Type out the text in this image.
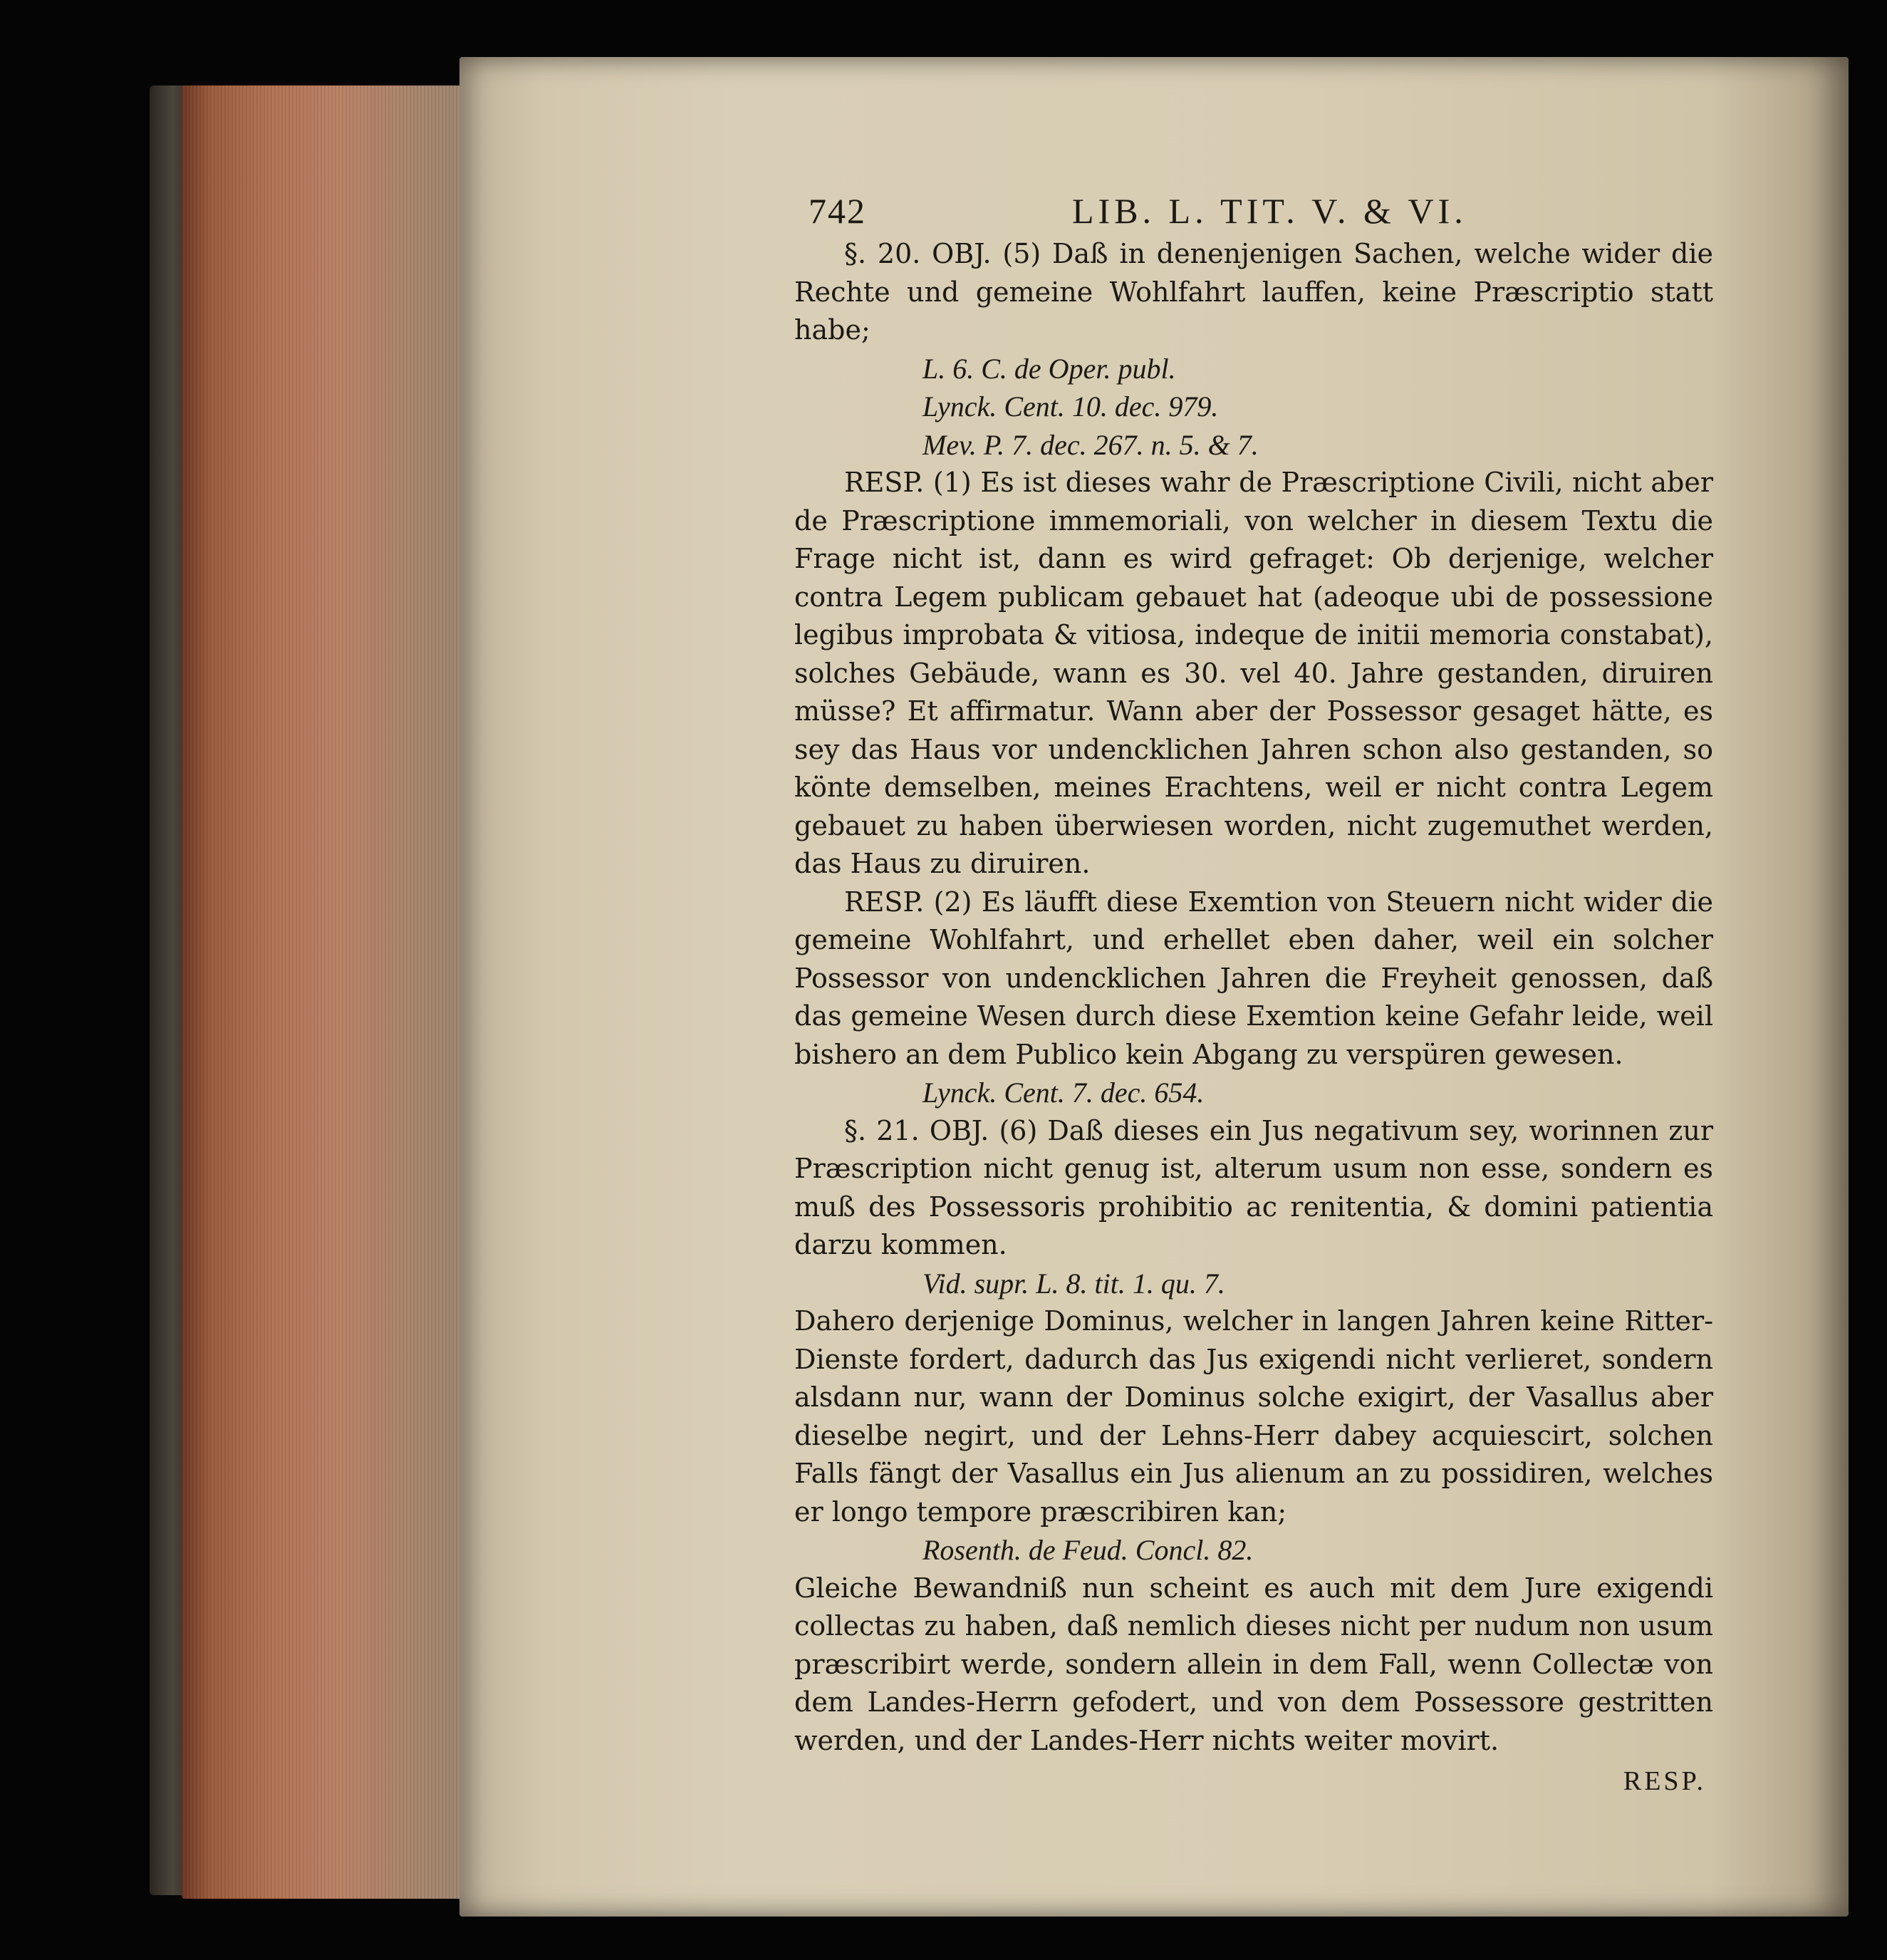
742	LIB. L. TIT. V. & VI.

§. 20. OBJ. (5) Daß in denenjenigen Sachen, welche wider die Rechte und gemeine Wohlfahrt lauffen, keine Præscriptio statt habe;

L. 6. C. de Oper. publ.

Lynck. Cent. 10. dec. 979.

Mev. P. 7. dec. 267. n. 5. & 7.

RESP. (1) Es ist dieses wahr de Præscriptione Civili, nicht aber de Præscriptione immemoriali, von welcher in diesem Textu die Frage nicht ist, dann es wird gefraget: Ob derjenige, welcher contra Legem publicam gebauet hat (adeoque ubi de possessione legibus improbata & vitiosa, indeque de initii memoria constabat), solches Gebäude, wann es 30. vel 40. Jahre gestanden, diruiren müsse? Et affirmatur. Wann aber der Possessor gesaget hätte, es sey das Haus vor undencklichen Jahren schon also gestanden, so könte demselben, meines Erachtens, weil er nicht contra Legem gebauet zu haben überwiesen worden, nicht zugemuthet werden, das Haus zu diruiren.

RESP. (2) Es läufft diese Exemtion von Steuern nicht wider die gemeine Wohlfahrt, und erhellet eben daher, weil ein solcher Possessor von undencklichen Jahren die Freyheit genossen, daß das gemeine Wesen durch diese Exemtion keine Gefahr leide, weil bishero an dem Publico kein Abgang zu verspüren gewesen.

Lynck. Cent. 7. dec. 654.

§. 21. OBJ. (6) Daß dieses ein Jus negativum sey, worinnen zur Præscription nicht genug ist, alterum usum non esse, sondern es muß des Possessoris prohibitio ac renitentia, & domini patientia darzu kommen.

Vid. supr. L. 8. tit. 1. qu. 7.

Dahero derjenige Dominus, welcher in langen Jahren keine Ritter-Dienste fordert, dadurch das Jus exigendi nicht verlieret, sondern alsdann nur, wann der Dominus solche exigirt, der Vasallus aber dieselbe negirt, und der Lehns-Herr dabey acquiescirt, solchen Falls fängt der Vasallus ein Jus alienum an zu possidiren, welches er longo tempore præscribiren kan;

Rosenth. de Feud. Concl. 82.

Gleiche Bewandniß nun scheint es auch mit dem Jure exigendi collectas zu haben, daß nemlich dieses nicht per nudum non usum præscribirt werde, sondern allein in dem Fall, wenn Collectæ von dem Landes-Herrn gefodert, und von dem Possessore gestritten werden, und der Landes-Herr nichts weiter movirt.

RESP.
